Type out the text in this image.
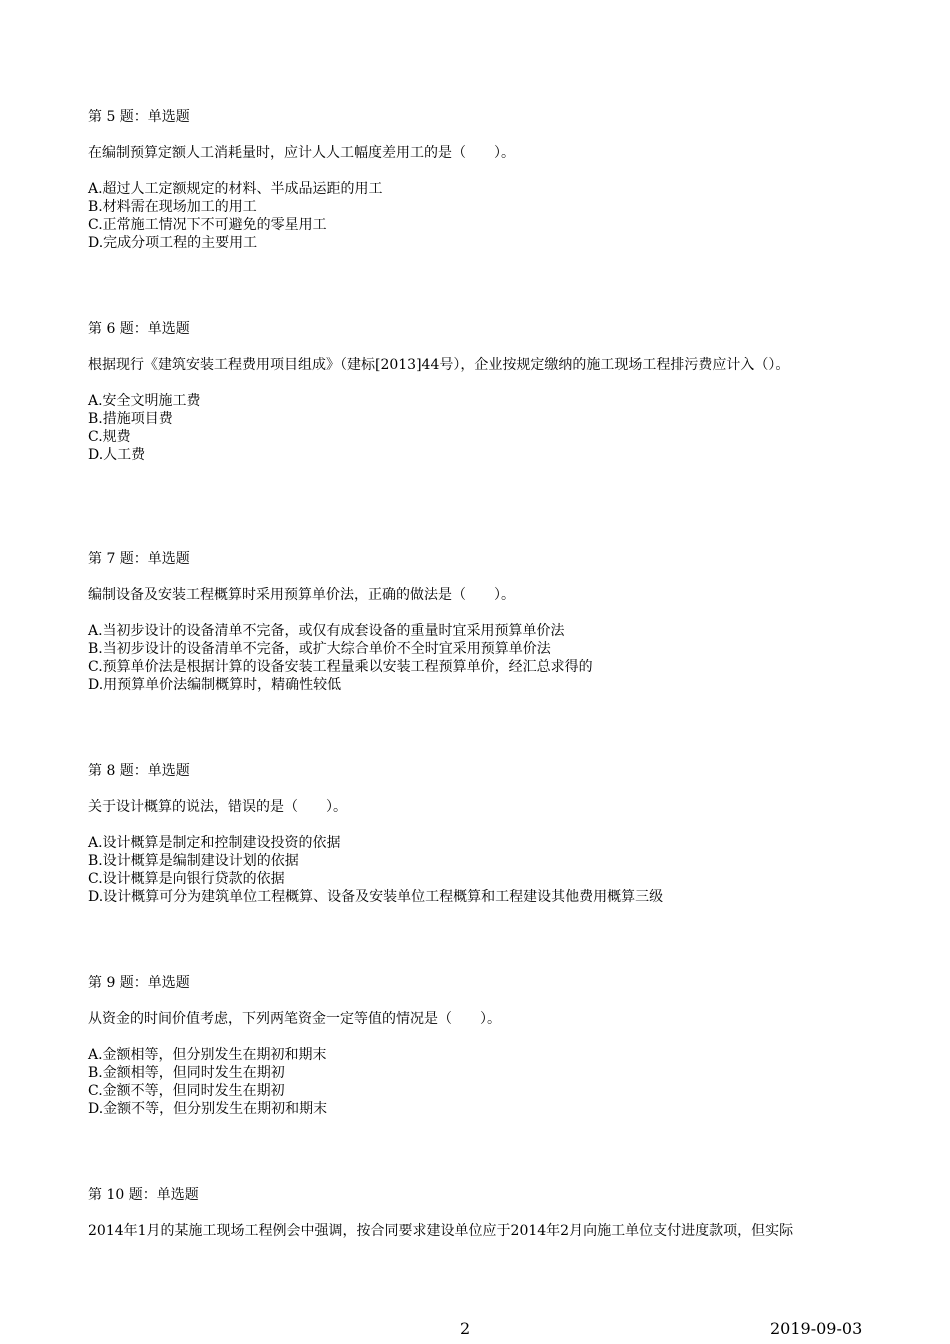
第 5 题：单选题

在编制预算定额人工消耗量时，应计人人工幅度差用工的是（　　）。

A.超过人工定额规定的材料、半成品运距的用工
B.材料需在现场加工的用工
C.正常施工情况下不可避免的零星用工
D.完成分项工程的主要用工

第 6 题：单选题

根据现行《建筑安装工程费用项目组成》（建标[2013]44号），企业按规定缴纳的施工现场工程排污费应计入（）。

A.安全文明施工费
B.措施项目费
C.规费
D.人工费

第 7 题：单选题

编制设备及安装工程概算时采用预算单价法，正确的做法是（　　）。

A.当初步设计的设备清单不完备，或仅有成套设备的重量时宜采用预算单价法
B.当初步设计的设备清单不完备，或扩大综合单价不全时宜采用预算单价法
C.预算单价法是根据计算的设备安装工程量乘以安装工程预算单价，经汇总求得的
D.用预算单价法编制概算时，精确性较低

第 8 题：单选题

关于设计概算的说法，错误的是（　　）。

A.设计概算是制定和控制建设投资的依据
B.设计概算是编制建设计划的依据
C.设计概算是向银行贷款的依据
D.设计概算可分为建筑单位工程概算、设备及安装单位工程概算和工程建设其他费用概算三级

第 9 题：单选题

从资金的时间价值考虑，下列两笔资金一定等值的情况是（　　）。

A.金额相等，但分别发生在期初和期末
B.金额相等，但同时发生在期初
C.金额不等，但同时发生在期初
D.金额不等，但分别发生在期初和期末

第 10 题：单选题

2014年1月的某施工现场工程例会中强调，按合同要求建设单位应于2014年2月向施工单位支付进度款项，但实际

2	2019-09-03
